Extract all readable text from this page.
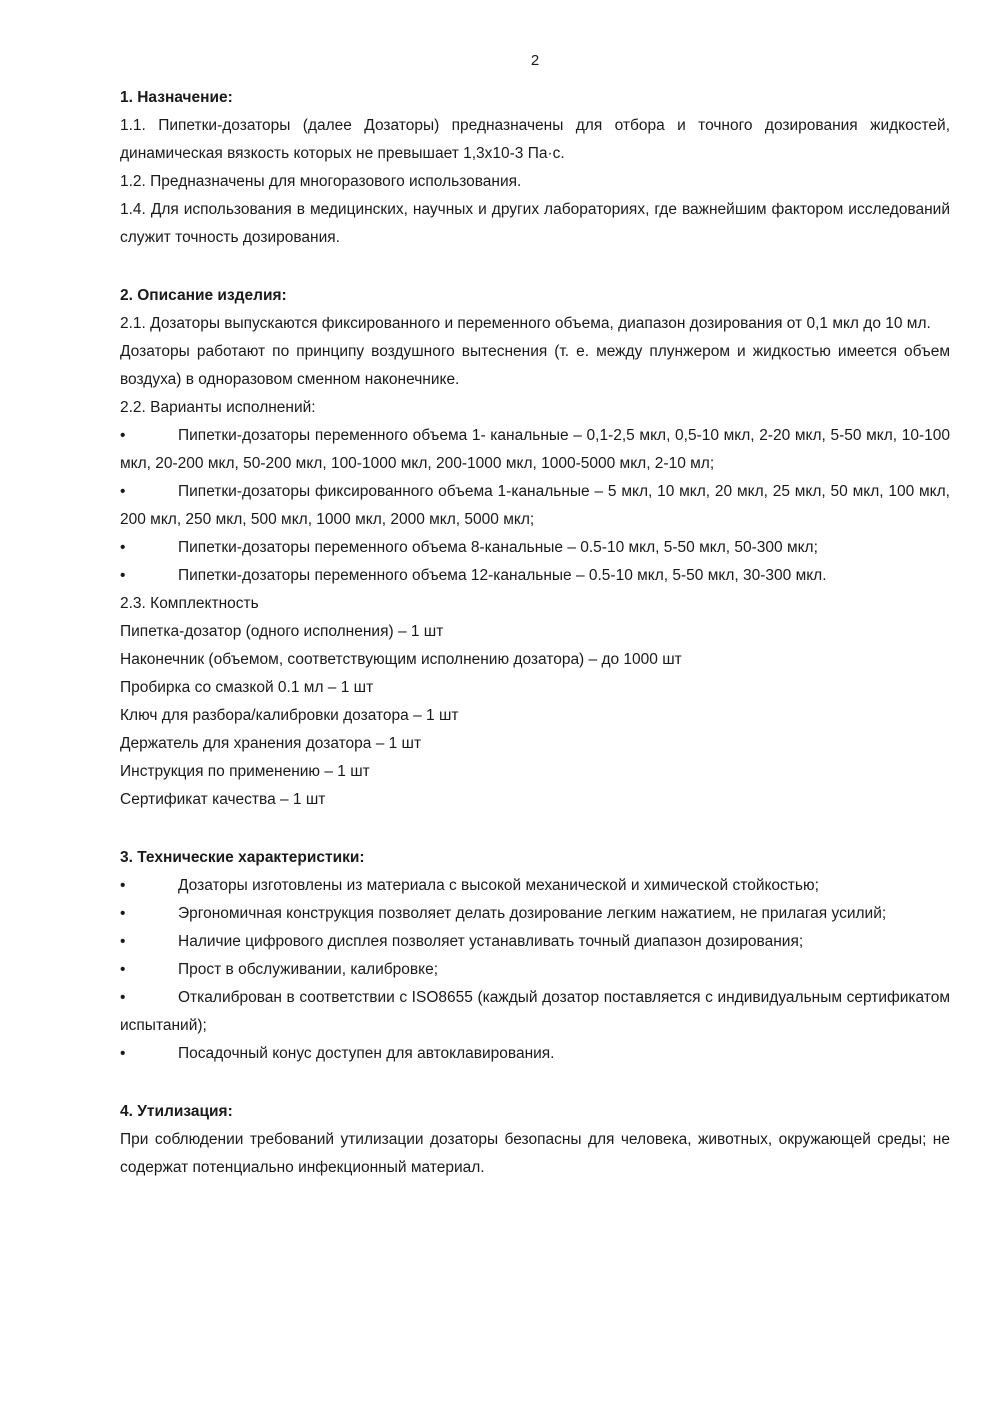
2

1. Назначение:

1.1. Пипетки-дозаторы (далее Дозаторы) предназначены для отбора и точного дозирования жидкостей, динамическая вязкость которых не превышает 1,3х10-3 Па·с.

1.2. Предназначены для многоразового использования.

1.4. Для использования в медицинских, научных и других лабораториях, где важнейшим фактором исследований служит точность дозирования.

2. Описание изделия:

2.1. Дозаторы выпускаются фиксированного и переменного объема, диапазон дозирования от 0,1 мкл до 10 мл.

Дозаторы работают по принципу воздушного вытеснения (т. е. между плунжером и жидкостью имеется объем воздуха) в одноразовом сменном наконечнике.

2.2. Варианты исполнений:

•	Пипетки-дозаторы переменного объема 1- канальные – 0,1-2,5 мкл, 0,5-10 мкл, 2-20 мкл, 5-50 мкл, 10-100 мкл, 20-200 мкл, 50-200 мкл, 100-1000 мкл, 200-1000 мкл, 1000-5000 мкл, 2-10 мл;

•	Пипетки-дозаторы фиксированного объема 1-канальные – 5 мкл, 10 мкл, 20 мкл, 25 мкл, 50 мкл, 100 мкл, 200 мкл, 250 мкл, 500 мкл, 1000 мкл, 2000 мкл, 5000 мкл;

•	Пипетки-дозаторы переменного объема 8-канальные – 0.5-10 мкл, 5-50 мкл, 50-300 мкл;

•	Пипетки-дозаторы переменного объема 12-канальные – 0.5-10 мкл, 5-50 мкл, 30-300 мкл.

2.3. Комплектность

Пипетка-дозатор (одного исполнения) – 1 шт

Наконечник (объемом, соответствующим исполнению дозатора) – до 1000 шт

Пробирка со смазкой 0.1 мл – 1 шт

Ключ для разбора/калибровки дозатора – 1 шт

Держатель для хранения дозатора – 1 шт

Инструкция по применению – 1 шт

Сертификат качества – 1 шт

3. Технические характеристики:

•	Дозаторы изготовлены из материала с высокой механической и химической стойкостью;

•	Эргономичная конструкция позволяет делать дозирование легким нажатием, не прилагая усилий;

•	Наличие цифрового дисплея позволяет устанавливать точный диапазон дозирования;

•	Прост в обслуживании, калибровке;

•	Откалиброван в соответствии с ISO8655 (каждый дозатор поставляется с индивидуальным сертификатом испытаний);

•	Посадочный конус доступен для автоклавирования.

4. Утилизация:

При соблюдении требований утилизации дозаторы безопасны для человека, животных, окружающей среды; не содержат потенциально инфекционный материал.
